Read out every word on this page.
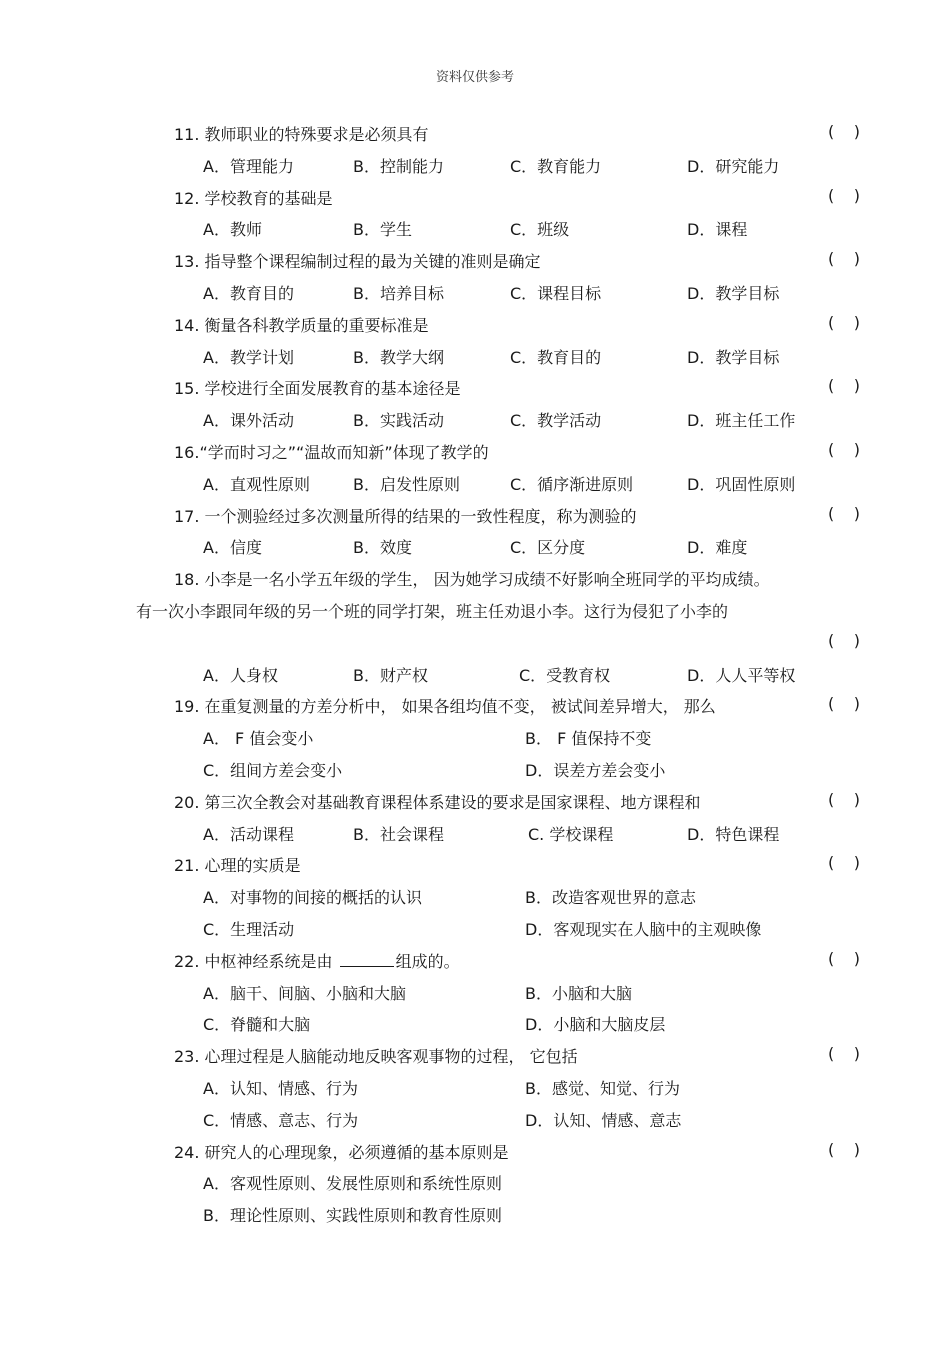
资料仅供参考
11. 教师职业的特殊要求是必须具有	( )
A．管理能力	B．控制能力	C．教育能力	D．研究能力
12. 学校教育的基础是	( )
A．教师	B．学生	C．班级	D．课程
13. 指导整个课程编制过程的最为关键的准则是确定	( )
A．教育目的	B．培养目标	C．课程目标	D．教学目标
14. 衡量各科教学质量的重要标准是	( )
A．教学计划	B．教学大纲	C．教育目的	D．教学目标
15. 学校进行全面发展教育的基本途径是	( )
A．课外活动	B．实践活动	C．教学活动	D．班主任工作
16.“学而时习之”“温故而知新”体现了教学的	( )
A．直观性原则	B．启发性原则	C．循序渐进原则	D．巩固性原则
17. 一个测验经过多次测量所得的结果的一致性程度，称为测验的	( )
A．信度	B．效度	C．区分度	D．难度
18. 小李是一名小学五年级的学生， 因为她学习成绩不好影响全班同学的平均成绩。
有一次小李跟同年级的另一个班的同学打架，班主任劝退小李。这行为侵犯了小李的
( )
A．人身权	B．财产权	C．受教育权	D．人人平等权
19. 在重复测量的方差分析中， 如果各组均值不变， 被试间差异增大， 那么	( )
A． F 值会变小	B． F 值保持不变
C．组间方差会变小	D．误差方差会变小
20. 第三次全教会对基础教育课程体系建设的要求是国家课程、地方课程和	( )
A．活动课程	B．社会课程	C. 学校课程	D．特色课程
21. 心理的实质是	( )
A．对事物的间接的概括的认识	B．改造客观世界的意志
C．生理活动	D．客观现实在人脑中的主观映像
22. 中枢神经系统是由	组成的。	( )
A．脑干、间脑、小脑和大脑	B．小脑和大脑
C．脊髓和大脑	D．小脑和大脑皮层
23. 心理过程是人脑能动地反映客观事物的过程， 它包括	( )
A．认知、情感、行为	B．感觉、知觉、行为
C．情感、意志、行为	D．认知、情感、意志
24. 研究人的心理现象，必须遵循的基本原则是	( )
A．客观性原则、发展性原则和系统性原则
B．理论性原则、实践性原则和教育性原则
